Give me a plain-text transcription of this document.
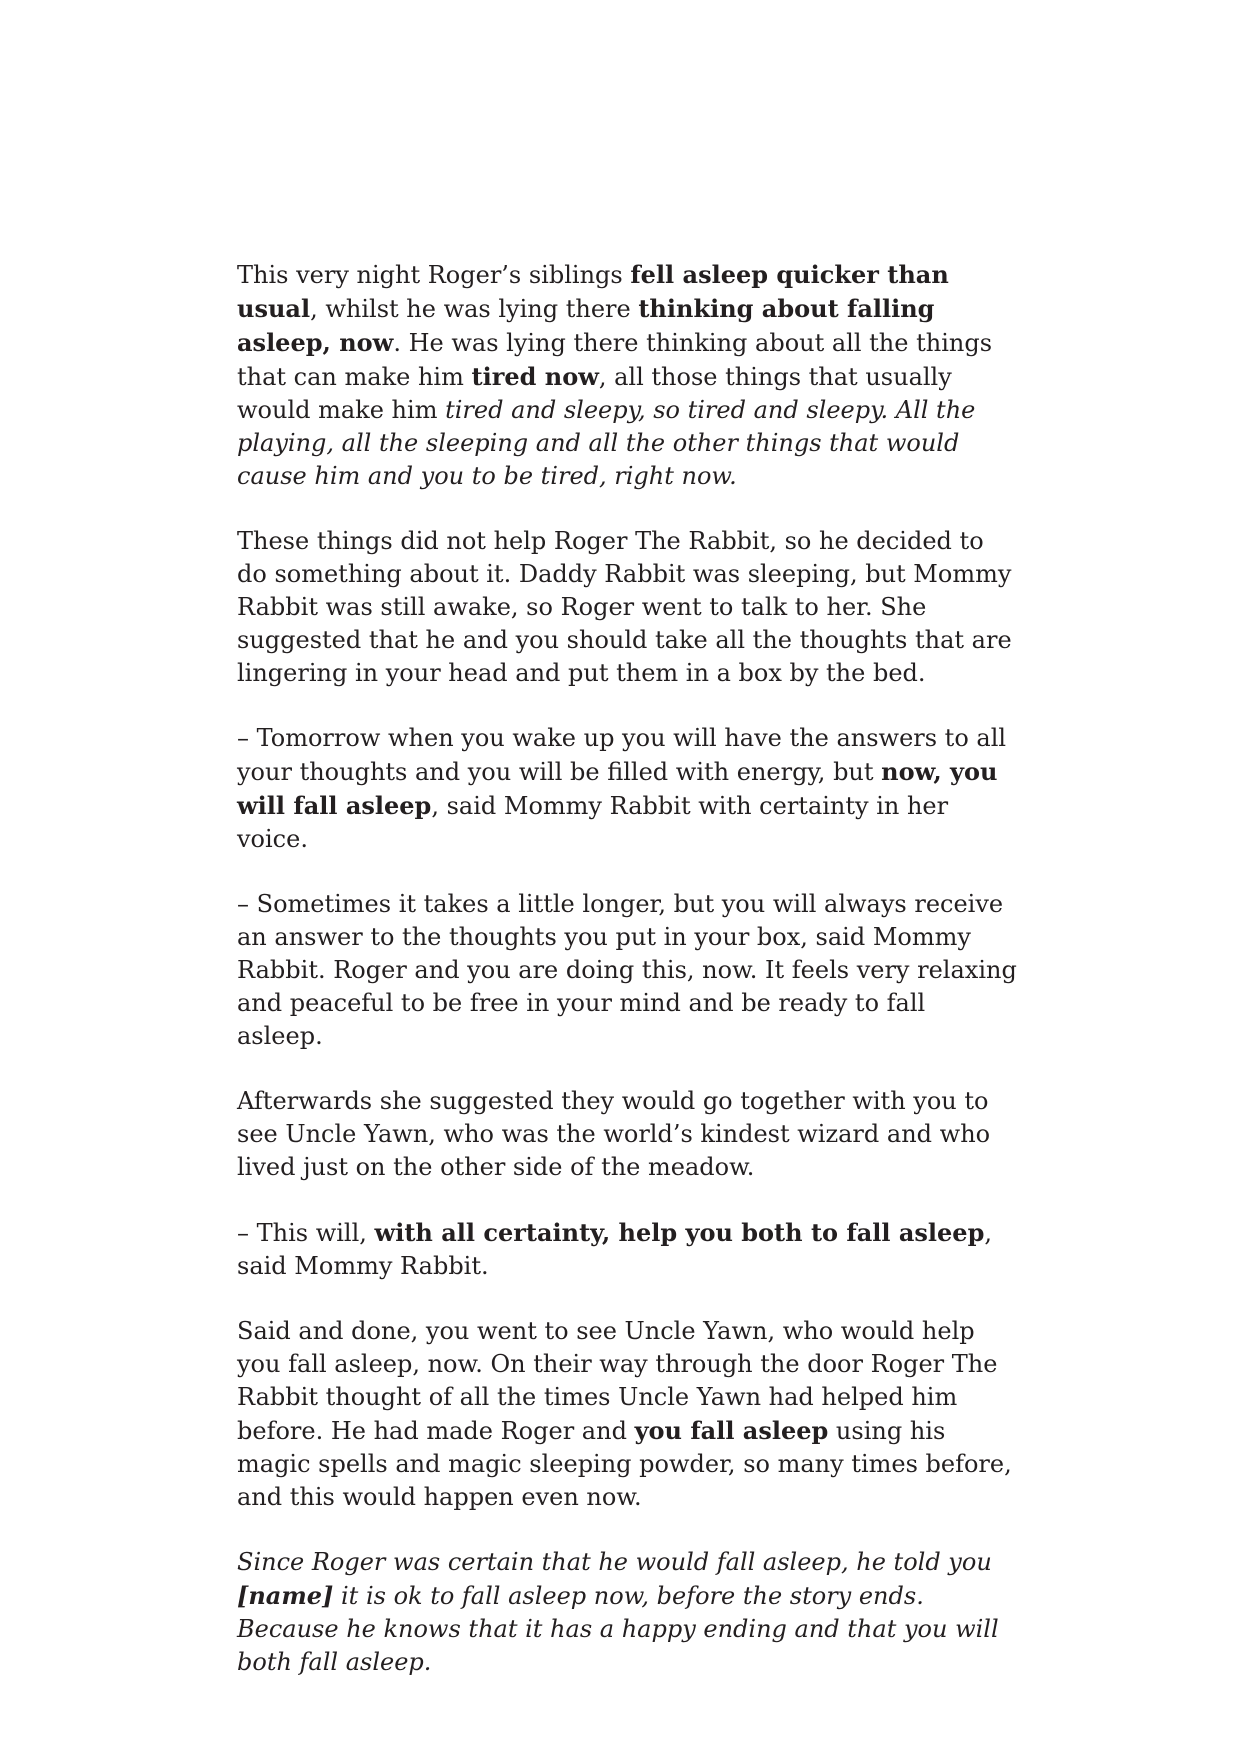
This very night Roger’s siblings fell asleep quicker than usual, whilst he was lying there thinking about falling asleep, now. He was lying there thinking about all the things that can make him tired now, all those things that usually would make him tired and sleepy, so tired and sleepy. All the playing, all the sleeping and all the other things that would cause him and you to be tired, right now.

These things did not help Roger The Rabbit, so he decided to do something about it. Daddy Rabbit was sleeping, but Mommy Rabbit was still awake, so Roger went to talk to her. She suggested that he and you should take all the thoughts that are lingering in your head and put them in a box by the bed.

– Tomorrow when you wake up you will have the answers to all your thoughts and you will be filled with energy, but now, you will fall asleep, said Mommy Rabbit with certainty in her voice.

– Sometimes it takes a little longer, but you will always receive an answer to the thoughts you put in your box, said Mommy Rabbit. Roger and you are doing this, now. It feels very relaxing and peaceful to be free in your mind and be ready to fall asleep.

Afterwards she suggested they would go together with you to see Uncle Yawn, who was the world’s kindest wizard and who lived just on the other side of the meadow.

– This will, with all certainty, help you both to fall asleep, said Mommy Rabbit.

Said and done, you went to see Uncle Yawn, who would help you fall asleep, now. On their way through the door Roger The Rabbit thought of all the times Uncle Yawn had helped him before. He had made Roger and you fall asleep using his magic spells and magic sleeping powder, so many times before, and this would happen even now.

Since Roger was certain that he would fall asleep, he told you [name] it is ok to fall asleep now, before the story ends. Because he knows that it has a happy ending and that you will both fall asleep.
